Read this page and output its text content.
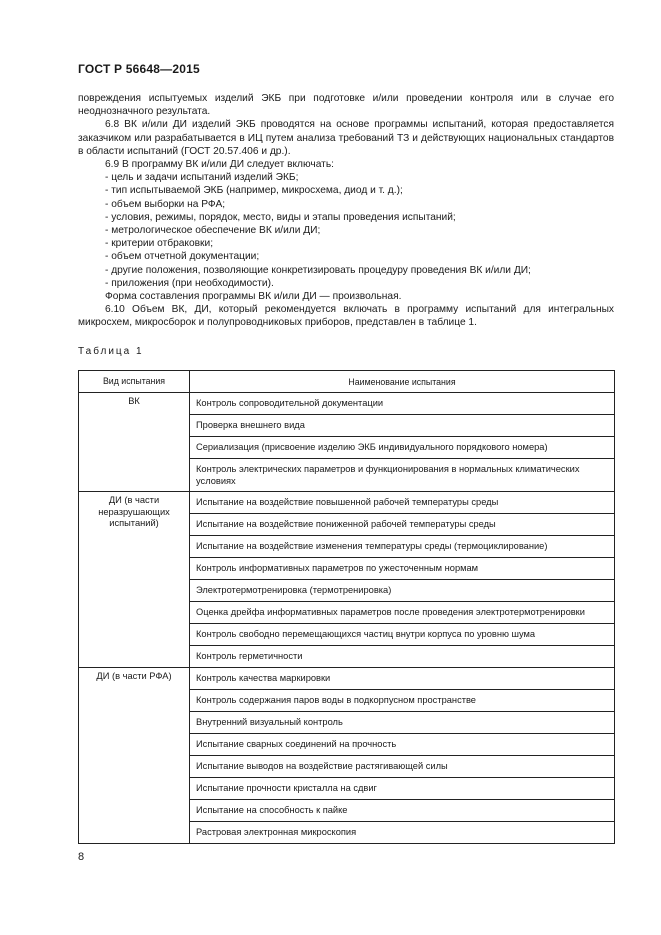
ГОСТ Р 56648—2015

повреждения испытуемых изделий ЭКБ при подготовке и/или проведении контроля или в случае его неоднозначного результата.

6.8 ВК и/или ДИ изделий ЭКБ проводятся на основе программы испытаний, которая предоставляется заказчиком или разрабатывается в ИЦ путем анализа требований ТЗ и действующих национальных стандартов в области испытаний (ГОСТ 20.57.406 и др.).

6.9 В программу ВК и/или ДИ следует включать:

- цель и задачи испытаний изделий ЭКБ;

- тип испытываемой ЭКБ (например, микросхема, диод и т. д.);

- объем выборки на РФА;

- условия, режимы, порядок, место, виды и этапы проведения испытаний;

- метрологическое обеспечение ВК и/или ДИ;

- критерии отбраковки;

- объем отчетной документации;

- другие положения, позволяющие конкретизировать процедуру проведения ВК и/или ДИ;

- приложения (при необходимости).

Форма составления программы ВК и/или ДИ — произвольная.

6.10 Объем ВК, ДИ, который рекомендуется включать в программу испытаний для интегральных микросхем, микросборок и полупроводниковых приборов, представлен в таблице 1.

Таблица 1
Вид испытания	Наименование испытания
ВК	Контроль сопроводительной документации
	Проверка внешнего вида
	Сериализация (присвоение изделию ЭКБ индивидуального порядкового номера)
	Контроль электрических параметров и функционирования в нормальных климатических условиях
ДИ (в части неразрушающих испытаний)	Испытание на воздействие повышенной рабочей температуры среды
	Испытание на воздействие пониженной рабочей температуры среды
	Испытание на воздействие изменения температуры среды (термоциклирование)
	Контроль информативных параметров по ужесточенным нормам
	Электротермотренировка (термотренировка)
	Оценка дрейфа информативных параметров после проведения электротермотренировки
	Контроль свободно перемещающихся частиц внутри корпуса по уровню шума
	Контроль герметичности
ДИ (в части РФА)	Контроль качества маркировки
	Контроль содержания паров воды в подкорпусном пространстве
	Внутренний визуальный контроль
	Испытание сварных соединений на прочность
	Испытание выводов на воздействие растягивающей силы
	Испытание прочности кристалла на сдвиг
	Испытание на способность к пайке
	Растровая электронная микроскопия
8
